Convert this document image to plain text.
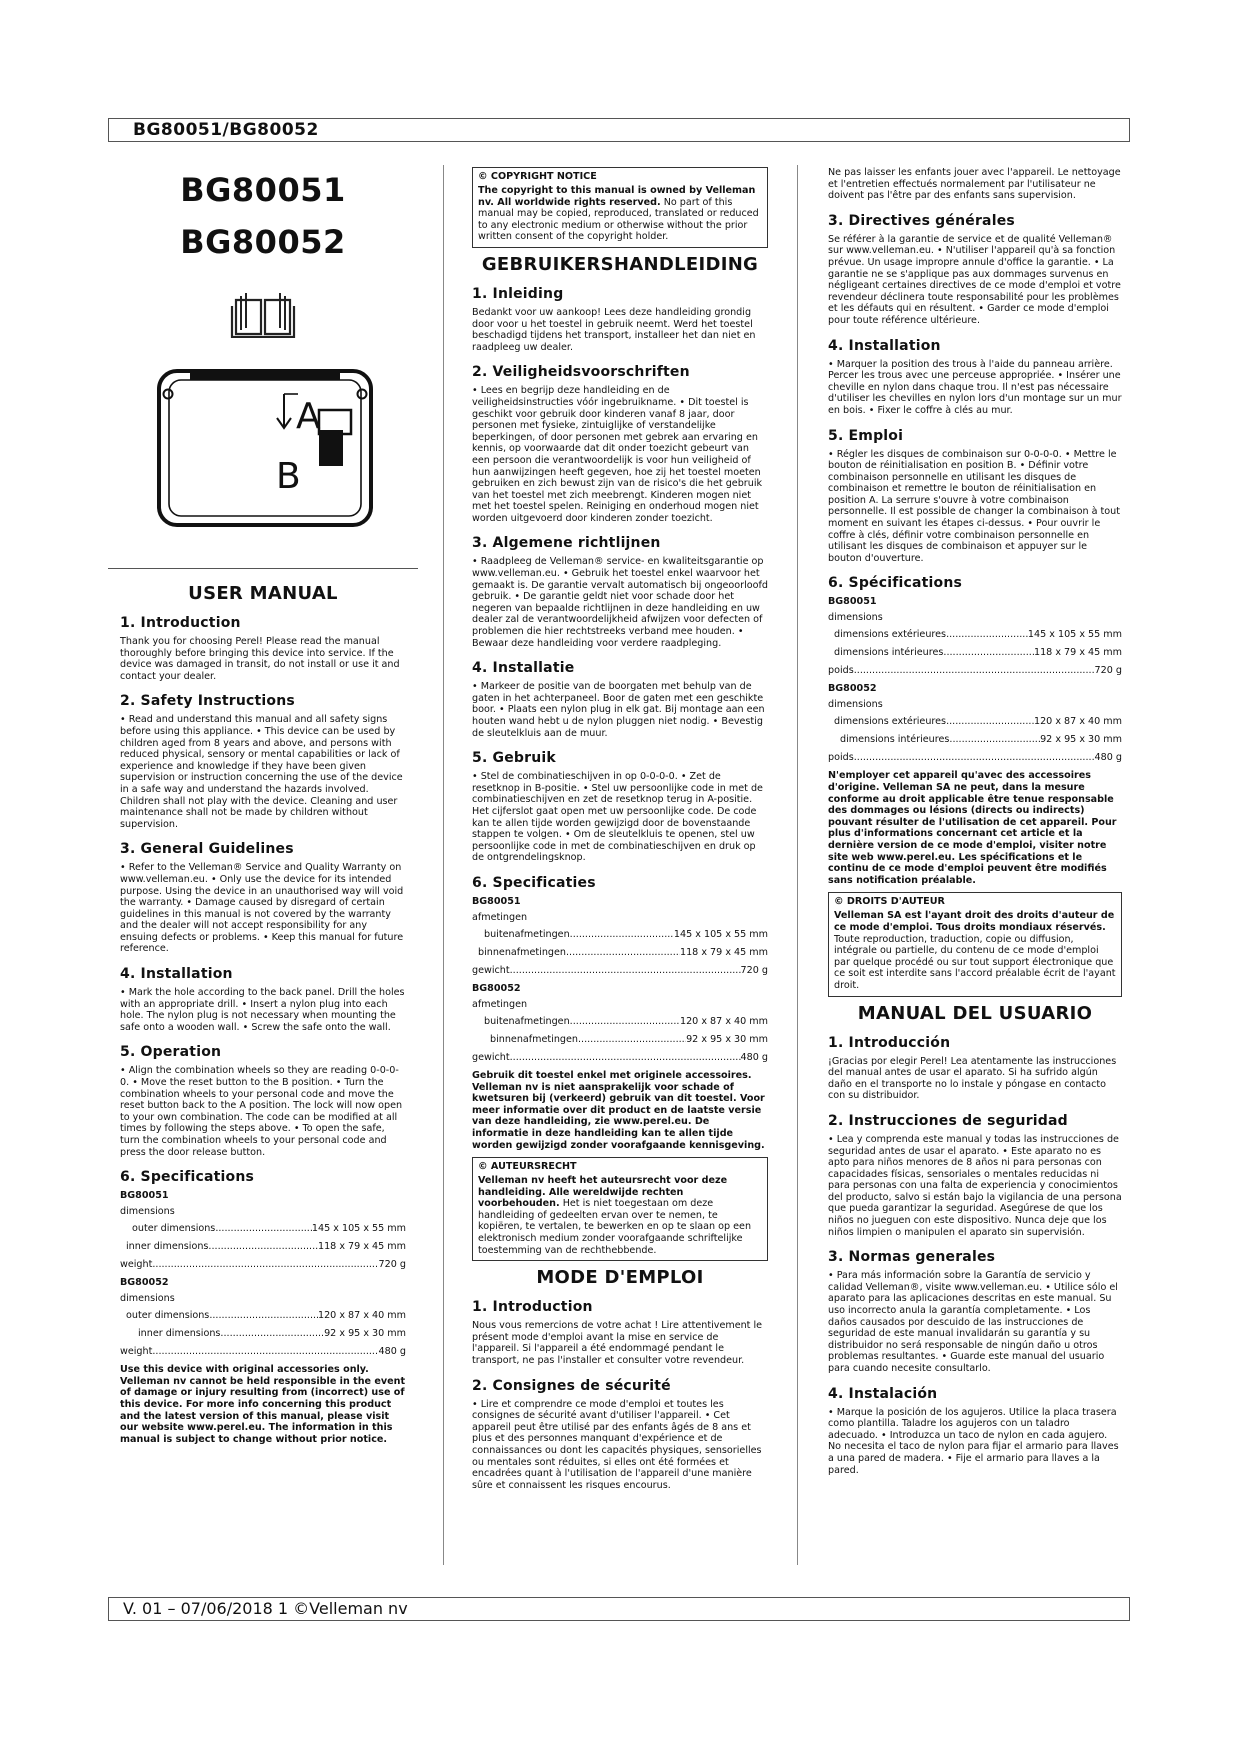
BG80051/BG80052
BG80051
BG80052
A
B
USER MANUAL
1. Introduction
Thank you for choosing Perel! Please read the manual thoroughly before bringing this device into service. If the device was damaged in transit, do not install or use it and contact your dealer.
2. Safety Instructions
• Read and understand this manual and all safety signs before using this appliance. • This device can be used by children aged from 8 years and above, and persons with reduced physical, sensory or mental capabilities or lack of experience and knowledge if they have been given supervision or instruction concerning the use of the device in a safe way and understand the hazards involved. Children shall not play with the device. Cleaning and user maintenance shall not be made by children without supervision.
3. General Guidelines
• Refer to the Velleman® Service and Quality Warranty on www.velleman.eu. • Only use the device for its intended purpose. Using the device in an unauthorised way will void the warranty. • Damage caused by disregard of certain guidelines in this manual is not covered by the warranty and the dealer will not accept responsibility for any ensuing defects or problems. • Keep this manual for future reference.
4. Installation
• Mark the hole according to the back panel. Drill the holes with an appropriate drill. • Insert a nylon plug into each hole. The nylon plug is not necessary when mounting the safe onto a wooden wall. • Screw the safe onto the wall.
5. Operation
• Align the combination wheels so they are reading 0-0-0-0. • Move the reset button to the B position. • Turn the combination wheels to your personal code and move the reset button back to the A position. The lock will now open to your own combination. The code can be modified at all times by following the steps above. • To open the safe, turn the combination wheels to your personal code and press the door release button.
6. Specifications
BG80051
dimensions
outer dimensions .....	145 x 105 x 55 mm
inner dimensions .....	118 x 79 x 45 mm
weight .....	720 g
BG80052
dimensions
outer dimensions .....	120 x 87 x 40 mm
inner dimensions .....	92 x 95 x 30 mm
weight .....	480 g
Use this device with original accessories only. Velleman nv cannot be held responsible in the event of damage or injury resulting from (incorrect) use of this device. For more info concerning this product and the latest version of this manual, please visit our website www.perel.eu. The information in this manual is subject to change without prior notice.
© COPYRIGHT NOTICE
The copyright to this manual is owned by Velleman nv. All worldwide rights reserved. No part of this manual may be copied, reproduced, translated or reduced to any electronic medium or otherwise without the prior written consent of the copyright holder.
GEBRUIKERSHANDLEIDING
1. Inleiding
Bedankt voor uw aankoop! Lees deze handleiding grondig door voor u het toestel in gebruik neemt. Werd het toestel beschadigd tijdens het transport, installeer het dan niet en raadpleeg uw dealer.
2. Veiligheidsvoorschriften
• Lees en begrijp deze handleiding en de veiligheidsinstructies vóór ingebruikname. • Dit toestel is geschikt voor gebruik door kinderen vanaf 8 jaar, door personen met fysieke, zintuiglijke of verstandelijke beperkingen, of door personen met gebrek aan ervaring en kennis, op voorwaarde dat dit onder toezicht gebeurt van een persoon die verantwoordelijk is voor hun veiligheid of hun aanwijzingen heeft gegeven, hoe zij het toestel moeten gebruiken en zich bewust zijn van de risico's die het gebruik van het toestel met zich meebrengt. Kinderen mogen niet met het toestel spelen. Reiniging en onderhoud mogen niet worden uitgevoerd door kinderen zonder toezicht.
3. Algemene richtlijnen
• Raadpleeg de Velleman® service- en kwaliteitsgarantie op www.velleman.eu. • Gebruik het toestel enkel waarvoor het gemaakt is. De garantie vervalt automatisch bij ongeoorloofd gebruik. • De garantie geldt niet voor schade door het negeren van bepaalde richtlijnen in deze handleiding en uw dealer zal de verantwoordelijkheid afwijzen voor defecten of problemen die hier rechtstreeks verband mee houden. • Bewaar deze handleiding voor verdere raadpleging.
4. Installatie
• Markeer de positie van de boorgaten met behulp van de gaten in het achterpaneel. Boor de gaten met een geschikte boor. • Plaats een nylon plug in elk gat. Bij montage aan een houten wand hebt u de nylon pluggen niet nodig. • Bevestig de sleutelkluis aan de muur.
5. Gebruik
• Stel de combinatieschijven in op 0-0-0-0. • Zet de resetknop in B-positie. • Stel uw persoonlijke code in met de combinatieschijven en zet de resetknop terug in A-positie. Het cijferslot gaat open met uw persoonlijke code. De code kan te allen tijde worden gewijzigd door de bovenstaande stappen te volgen. • Om de sleutelkluis te openen, stel uw persoonlijke code in met de combinatieschijven en druk op de ontgrendelingsknop.
6. Specificaties
BG80051
afmetingen
buitenafmetingen .....	145 x 105 x 55 mm
binnenafmetingen .....	118 x 79 x 45 mm
gewicht .....	720 g
BG80052
afmetingen
buitenafmetingen .....	120 x 87 x 40 mm
binnenafmetingen .....	92 x 95 x 30 mm
gewicht .....	480 g
Gebruik dit toestel enkel met originele accessoires. Velleman nv is niet aansprakelijk voor schade of kwetsuren bij (verkeerd) gebruik van dit toestel. Voor meer informatie over dit product en de laatste versie van deze handleiding, zie www.perel.eu. De informatie in deze handleiding kan te allen tijde worden gewijzigd zonder voorafgaande kennisgeving.
© AUTEURSRECHT
Velleman nv heeft het auteursrecht voor deze handleiding. Alle wereldwijde rechten voorbehouden. Het is niet toegestaan om deze handleiding of gedeelten ervan over te nemen, te kopiëren, te vertalen, te bewerken en op te slaan op een elektronisch medium zonder voorafgaande schriftelijke toestemming van de rechthebbende.
MODE D'EMPLOI
1. Introduction
Nous vous remercions de votre achat ! Lire attentivement le présent mode d'emploi avant la mise en service de l'appareil. Si l'appareil a été endommagé pendant le transport, ne pas l'installer et consulter votre revendeur.
2. Consignes de sécurité
• Lire et comprendre ce mode d'emploi et toutes les consignes de sécurité avant d'utiliser l'appareil. • Cet appareil peut être utilisé par des enfants âgés de 8 ans et plus et des personnes manquant d'expérience et de connaissances ou dont les capacités physiques, sensorielles ou mentales sont réduites, si elles ont été formées et encadrées quant à l'utilisation de l'appareil d'une manière sûre et connaissent les risques encourus.
Ne pas laisser les enfants jouer avec l'appareil. Le nettoyage et l'entretien effectués normalement par l'utilisateur ne doivent pas l'être par des enfants sans supervision.
3. Directives générales
Se référer à la garantie de service et de qualité Velleman® sur www.velleman.eu. • N'utiliser l'appareil qu'à sa fonction prévue. Un usage impropre annule d'office la garantie. • La garantie ne se s'applique pas aux dommages survenus en négligeant certaines directives de ce mode d'emploi et votre revendeur déclinera toute responsabilité pour les problèmes et les défauts qui en résultent. • Garder ce mode d'emploi pour toute référence ultérieure.
4. Installation
• Marquer la position des trous à l'aide du panneau arrière. Percer les trous avec une perceuse appropriée. • Insérer une cheville en nylon dans chaque trou. Il n'est pas nécessaire d'utiliser les chevilles en nylon lors d'un montage sur un mur en bois. • Fixer le coffre à clés au mur.
5. Emploi
• Régler les disques de combinaison sur 0-0-0-0. • Mettre le bouton de réinitialisation en position B. • Définir votre combinaison personnelle en utilisant les disques de combinaison et remettre le bouton de réinitialisation en position A. La serrure s'ouvre à votre combinaison personnelle. Il est possible de changer la combinaison à tout moment en suivant les étapes ci-dessus. • Pour ouvrir le coffre à clés, définir votre combinaison personnelle en utilisant les disques de combinaison et appuyer sur le bouton d'ouverture.
6. Spécifications
BG80051
dimensions
dimensions extérieures .....	145 x 105 x 55 mm
dimensions intérieures .....	118 x 79 x 45 mm
poids .....	720 g
BG80052
dimensions
dimensions extérieures .....	120 x 87 x 40 mm
dimensions intérieures .....	92 x 95 x 30 mm
poids .....	480 g
N'employer cet appareil qu'avec des accessoires d'origine. Velleman SA ne peut, dans la mesure conforme au droit applicable être tenue responsable des dommages ou lésions (directs ou indirects) pouvant résulter de l'utilisation de cet appareil. Pour plus d'informations concernant cet article et la dernière version de ce mode d'emploi, visiter notre site web www.perel.eu. Les spécifications et le continu de ce mode d'emploi peuvent être modifiés sans notification préalable.
© DROITS D'AUTEUR
Velleman SA est l'ayant droit des droits d'auteur de ce mode d'emploi. Tous droits mondiaux réservés. Toute reproduction, traduction, copie ou diffusion, intégrale ou partielle, du contenu de ce mode d'emploi par quelque procédé ou sur tout support électronique que ce soit est interdite sans l'accord préalable écrit de l'ayant droit.
MANUAL DEL USUARIO
1. Introducción
¡Gracias por elegir Perel! Lea atentamente las instrucciones del manual antes de usar el aparato. Si ha sufrido algún daño en el transporte no lo instale y póngase en contacto con su distribuidor.
2. Instrucciones de seguridad
• Lea y comprenda este manual y todas las instrucciones de seguridad antes de usar el aparato. • Este aparato no es apto para niños menores de 8 años ni para personas con capacidades físicas, sensoriales o mentales reducidas ni para personas con una falta de experiencia y conocimientos del producto, salvo si están bajo la vigilancia de una persona que pueda garantizar la seguridad. Asegúrese de que los niños no jueguen con este dispositivo. Nunca deje que los niños limpien o manipulen el aparato sin supervisión.
3. Normas generales
• Para más información sobre la Garantía de servicio y calidad Velleman®, visite www.velleman.eu. • Utilice sólo el aparato para las aplicaciones descritas en este manual. Su uso incorrecto anula la garantía completamente. • Los daños causados por descuido de las instrucciones de seguridad de este manual invalidarán su garantía y su distribuidor no será responsable de ningún daño u otros problemas resultantes. • Guarde este manual del usuario para cuando necesite consultarlo.
4. Instalación
• Marque la posición de los agujeros. Utilice la placa trasera como plantilla. Taladre los agujeros con un taladro adecuado. • Introduzca un taco de nylon en cada agujero. No necesita el taco de nylon para fijar el armario para llaves a una pared de madera. • Fije el armario para llaves a la pared.
V. 01 – 07/06/2018 1 ©Velleman nv
